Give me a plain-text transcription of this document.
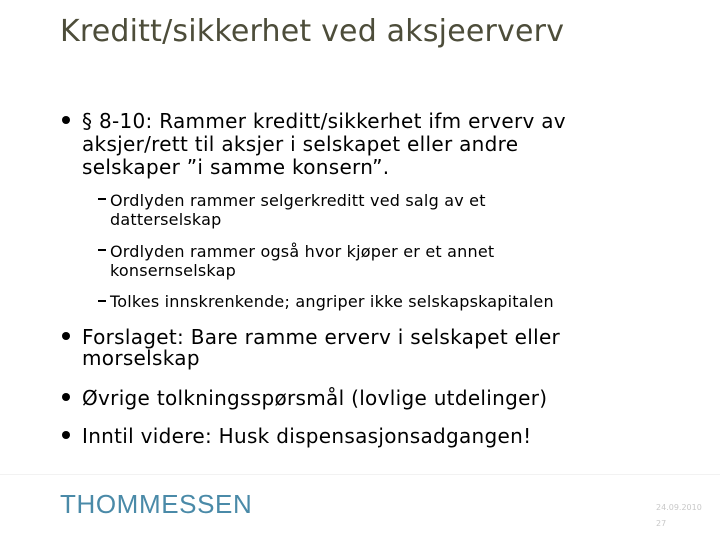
Kreditt/sikkerhet ved aksjeerverv
§ 8-10: Rammer kreditt/sikkerhet ifm erverv av
aksjer/rett til aksjer i selskapet eller andre
selskaper ”i samme konsern”.
Ordlyden rammer selgerkreditt ved salg av et
datterselskap
Ordlyden rammer også hvor kjøper er et annet
konsernselskap
Tolkes innskrenkende; angriper ikke selskapskapitalen
Forslaget: Bare ramme erverv i selskapet eller
morselskap
Øvrige tolkningsspørsmål (lovlige utdelinger)
Inntil videre: Husk dispensasjonsadgangen!
THOMMESSEN	24.09.2010
27
